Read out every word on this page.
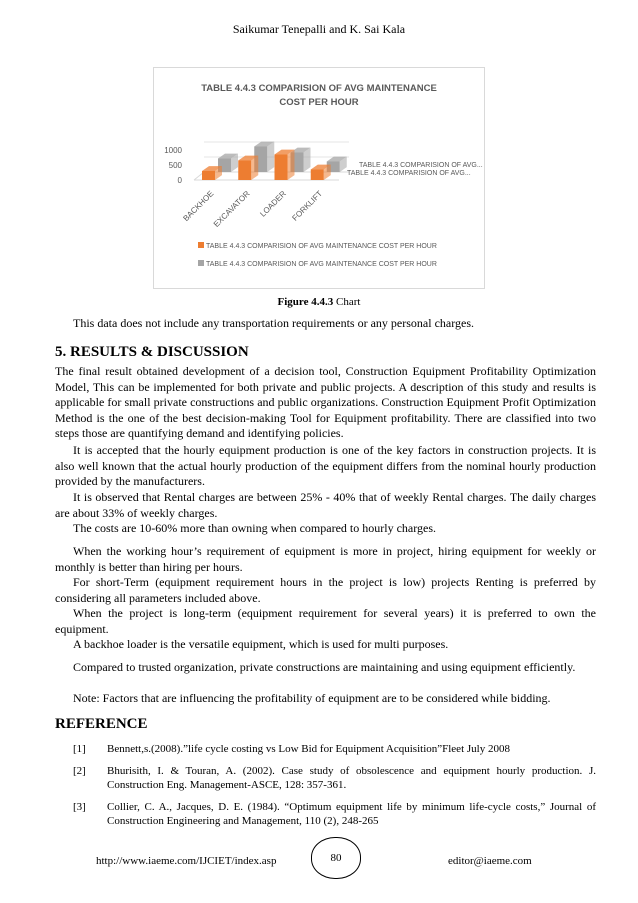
Saikumar Tenepalli and K. Sai Kala
TABLE 4.4.3 COMPARISION OF AVG MAINTENANCE
COST PER HOUR
1000
500
0
BACKHOE
EXCAVATOR LOADER FORKLIFT
TABLE 4.4.3 COMPARISION OF AVG...
TABLE 4.4.3 COMPARISION OF AVG...
TABLE 4.4.3 COMPARISION OF AVG MAINTENANCE COST PER HOUR
TABLE 4.4.3 COMPARISION OF AVG MAINTENANCE COST PER HOUR
Figure 4.4.3 Chart

This data does not include any transportation requirements or any personal charges.

5. RESULTS & DISCUSSION

The final result obtained development of a decision tool, Construction Equipment Profitability Optimization Model, This can be implemented for both private and public projects. A description of this study and results is applicable for small private constructions and public organizations. Construction Equipment Profit Optimization Method is the one of the best decision-making Tool for Equipment profitability. There are classified into two steps those are quantifying demand and identifying policies.

It is accepted that the hourly equipment production is one of the key factors in construction projects. It is also well known that the actual hourly production of the equipment differs from the nominal hourly production provided by the manufacturers.

It is observed that Rental charges are between 25% - 40% that of weekly Rental charges. The daily charges are about 33% of weekly charges.

The costs are 10-60% more than owning when compared to hourly charges.

When the working hour’s requirement of equipment is more in project, hiring equipment for weekly or monthly is better than hiring per hours.

For short-Term (equipment requirement hours in the project is low) projects Renting is preferred by considering all parameters included above.

When the project is long-term (equipment requirement for several years) it is preferred to own the equipment.

A backhoe loader is the versatile equipment, which is used for multi purposes.

Compared to trusted organization, private constructions are maintaining and using equipment efficiently.

Note: Factors that are influencing the profitability of equipment are to be considered while bidding.

REFERENCE
[1] Bennett,s.(2008).”life cycle costing vs Low Bid for Equipment Acquisition”Fleet July 2008
[2] Bhurisith, I. & Touran, A. (2002). Case study of obsolescence and equipment hourly production. J. Construction Eng. Management-ASCE, 128: 357-361.
[3] Collier, C. A., Jacques, D. E. (1984). “Optimum equipment life by minimum life-cycle costs,” Journal of Construction Engineering and Management, 110 (2), 248-265
http://www.iaeme.com/IJCIET/index.asp	80	editor@iaeme.com
